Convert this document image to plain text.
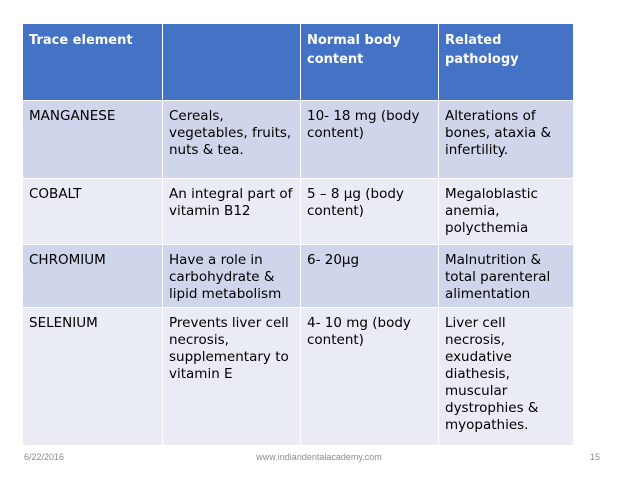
Trace element		Normal body content	Related pathology
MANGANESE	Cereals, vegetables, fruits, nuts & tea.	10- 18 mg (body content)	Alterations of bones, ataxia & infertility.
COBALT	An integral part of vitamin B12	5 – 8 μg (body content)	Megaloblastic anemia, polycthemia
CHROMIUM	Have a role in carbohydrate & lipid metabolism	6- 20μg	Malnutrition & total parenteral alimentation
SELENIUM	Prevents liver cell necrosis, supplementary to vitamin E	4- 10 mg (body content)	Liver cell necrosis, exudative diathesis, muscular dystrophies & myopathies.
6/22/2016	www.indiandentalacademy.com	15
